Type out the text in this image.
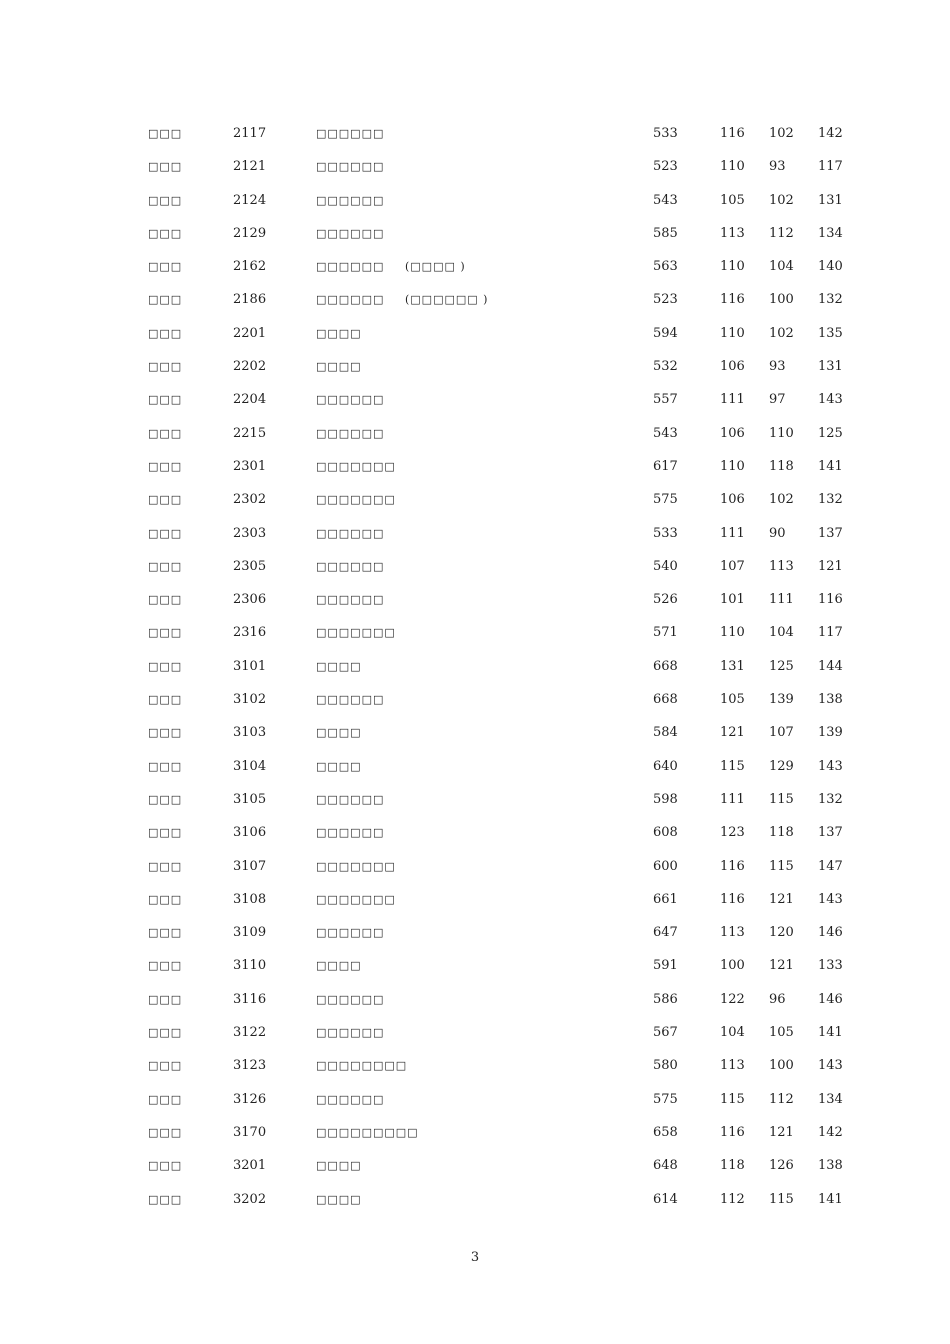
□□□	2117	□□□□□□	533	116 102 142
□□□	2121	□□□□□□	523	110 93 117
□□□	2124	□□□□□□	543	105 102 131
□□□	2129	□□□□□□	585	113 112 134
□□□	2162	□□□□□□ (□□□□ )	563	110 104 140
□□□	2186	□□□□□□ (□□□□□□ )	523	116 100 132
□□□	2201	□□□□	594	110 102 135
□□□	2202	□□□□	532	106 93 131
□□□	2204	□□□□□□	557	111 97 143
□□□	2215	□□□□□□	543	106 110 125
□□□	2301	□□□□□□□	617	110 118 141
□□□	2302	□□□□□□□	575	106 102 132
□□□	2303	□□□□□□	533	111 90 137
□□□	2305	□□□□□□	540	107 113 121
□□□	2306	□□□□□□	526	101 111 116
□□□	2316	□□□□□□□	571	110 104 117
□□□	3101	□□□□	668	131 125 144
□□□	3102	□□□□□□	668	105 139 138
□□□	3103	□□□□	584	121 107 139
□□□	3104	□□□□	640	115 129 143
□□□	3105	□□□□□□	598	111 115 132
□□□	3106	□□□□□□	608	123 118 137
□□□	3107	□□□□□□□	600	116 115 147
□□□	3108	□□□□□□□	661	116 121 143
□□□	3109	□□□□□□	647	113 120 146
□□□	3110	□□□□	591	100 121 133
□□□	3116	□□□□□□	586	122 96 146
□□□	3122	□□□□□□	567	104 105 141
□□□	3123	□□□□□□□□	580	113 100 143
□□□	3126	□□□□□□	575	115 112 134
□□□	3170	□□□□□□□□□	658	116 121 142
□□□	3201	□□□□	648	118 126 138
□□□	3202	□□□□	614	112 115 141
3
